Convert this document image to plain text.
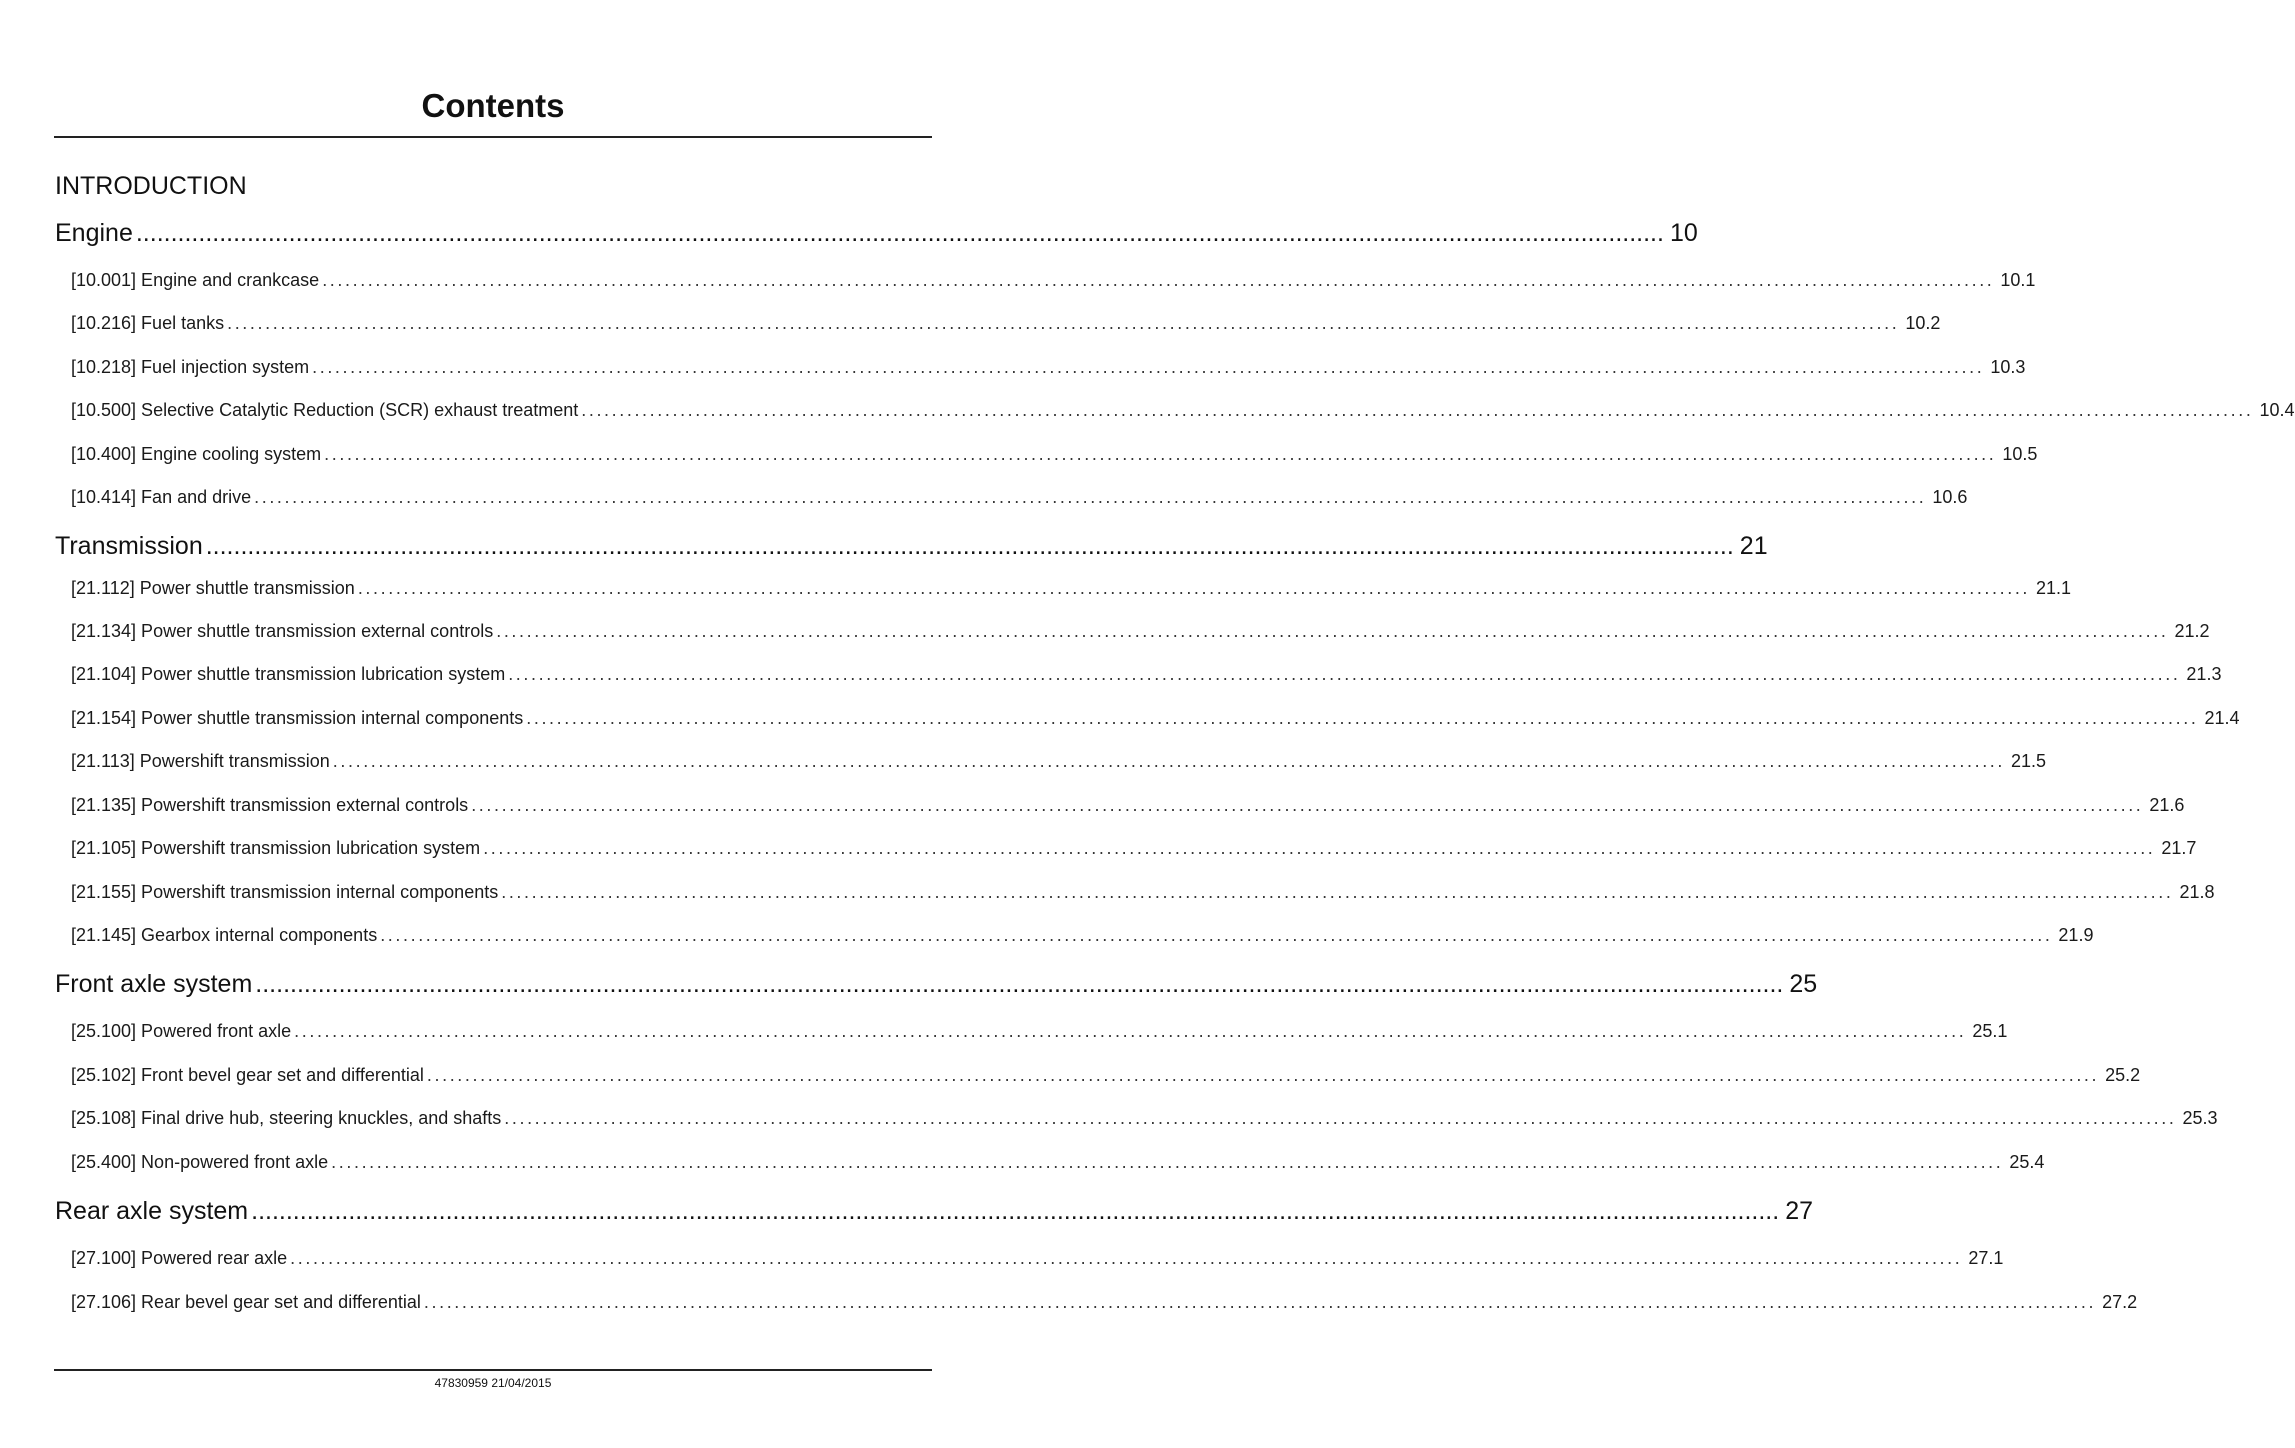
Contents
INTRODUCTION
Engine ............................................................................................................................................................................................................................ 10
[10.001] Engine and crankcase ............................................................................................................................................................................................................................ 10.1
[10.216] Fuel tanks ............................................................................................................................................................................................................................ 10.2
[10.218] Fuel injection system ............................................................................................................................................................................................................................ 10.3
[10.500] Selective Catalytic Reduction (SCR) exhaust treatment ............................................................................................................................................................................................................................ 10.4
[10.400] Engine cooling system ............................................................................................................................................................................................................................ 10.5
[10.414] Fan and drive ............................................................................................................................................................................................................................ 10.6
Transmission ............................................................................................................................................................................................................................ 21
[21.112] Power shuttle transmission ............................................................................................................................................................................................................................ 21.1
[21.134] Power shuttle transmission external controls ............................................................................................................................................................................................................................ 21.2
[21.104] Power shuttle transmission lubrication system ............................................................................................................................................................................................................................ 21.3
[21.154] Power shuttle transmission internal components ............................................................................................................................................................................................................................ 21.4
[21.113] Powershift transmission ............................................................................................................................................................................................................................ 21.5
[21.135] Powershift transmission external controls ............................................................................................................................................................................................................................ 21.6
[21.105] Powershift transmission lubrication system ............................................................................................................................................................................................................................ 21.7
[21.155] Powershift transmission internal components ............................................................................................................................................................................................................................ 21.8
[21.145] Gearbox internal components ............................................................................................................................................................................................................................ 21.9
Front axle system ............................................................................................................................................................................................................................ 25
[25.100] Powered front axle ............................................................................................................................................................................................................................ 25.1
[25.102] Front bevel gear set and differential ............................................................................................................................................................................................................................ 25.2
[25.108] Final drive hub, steering knuckles, and shafts ............................................................................................................................................................................................................................ 25.3
[25.400] Non-powered front axle ............................................................................................................................................................................................................................ 25.4
Rear axle system ............................................................................................................................................................................................................................ 27
[27.100] Powered rear axle ............................................................................................................................................................................................................................ 27.1
[27.106] Rear bevel gear set and differential ............................................................................................................................................................................................................................ 27.2
47830959 21/04/2015
